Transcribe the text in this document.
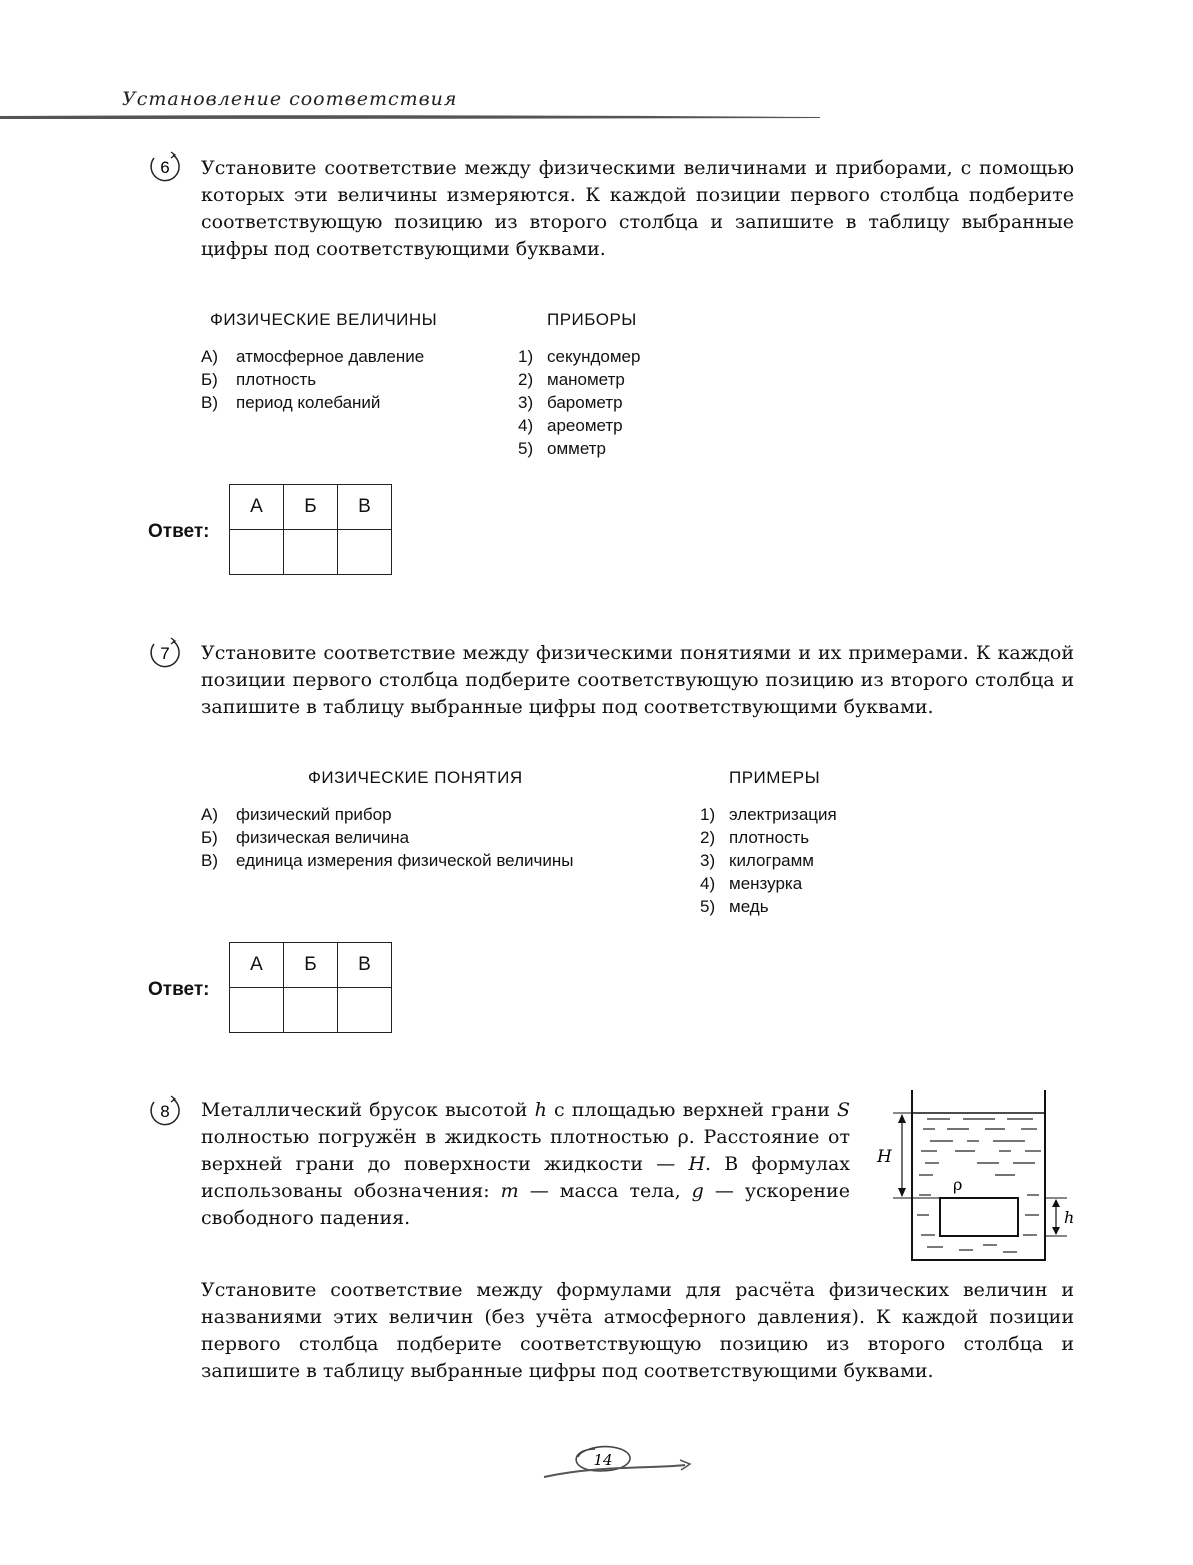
Установление соответствия
6 Установите соответствие между физическими величинами и приборами, с помощью которых эти величины измеряются. К каждой позиции первого столбца подберите соответствующую позицию из второго столбца и запишите в таблицу выбранные цифры под соответствующими буквами.
ФИЗИЧЕСКИЕ ВЕЛИЧИНЫ	ПРИБОРЫ
А) атмосферное давление
Б) плотность
В) период колебаний
1) секундомер
2) манометр
3) барометр
4) ареометр
5) омметр
Ответ:
А	Б	В

7 Установите соответствие между физическими понятиями и их примерами. К каждой позиции первого столбца подберите соответствующую позицию из второго столбца и запишите в таблицу выбранные цифры под соответствующими буквами.
ФИЗИЧЕСКИЕ ПОНЯТИЯ	ПРИМЕРЫ
А) физический прибор
Б) физическая величина
В) единица измерения физической величины
1) электризация
2) плотность
3) килограмм
4) мензурка
5) медь
Ответ:
А	Б	В

8 Металлический брусок высотой h с площадью верхней грани S полностью погружён в жидкость плотностью ρ. Расстояние от верхней грани до поверхности жидкости — H. В формулах использованы обозначения: m — масса тела, g — ускорение свободного падения.
H
ρ
h
Установите соответствие между формулами для расчёта физических величин и названиями этих величин (без учёта атмосферного давления). К каждой позиции первого столбца подберите соответствующую позицию из второго столбца и запишите в таблицу выбранные цифры под соответствующими буквами.
14
